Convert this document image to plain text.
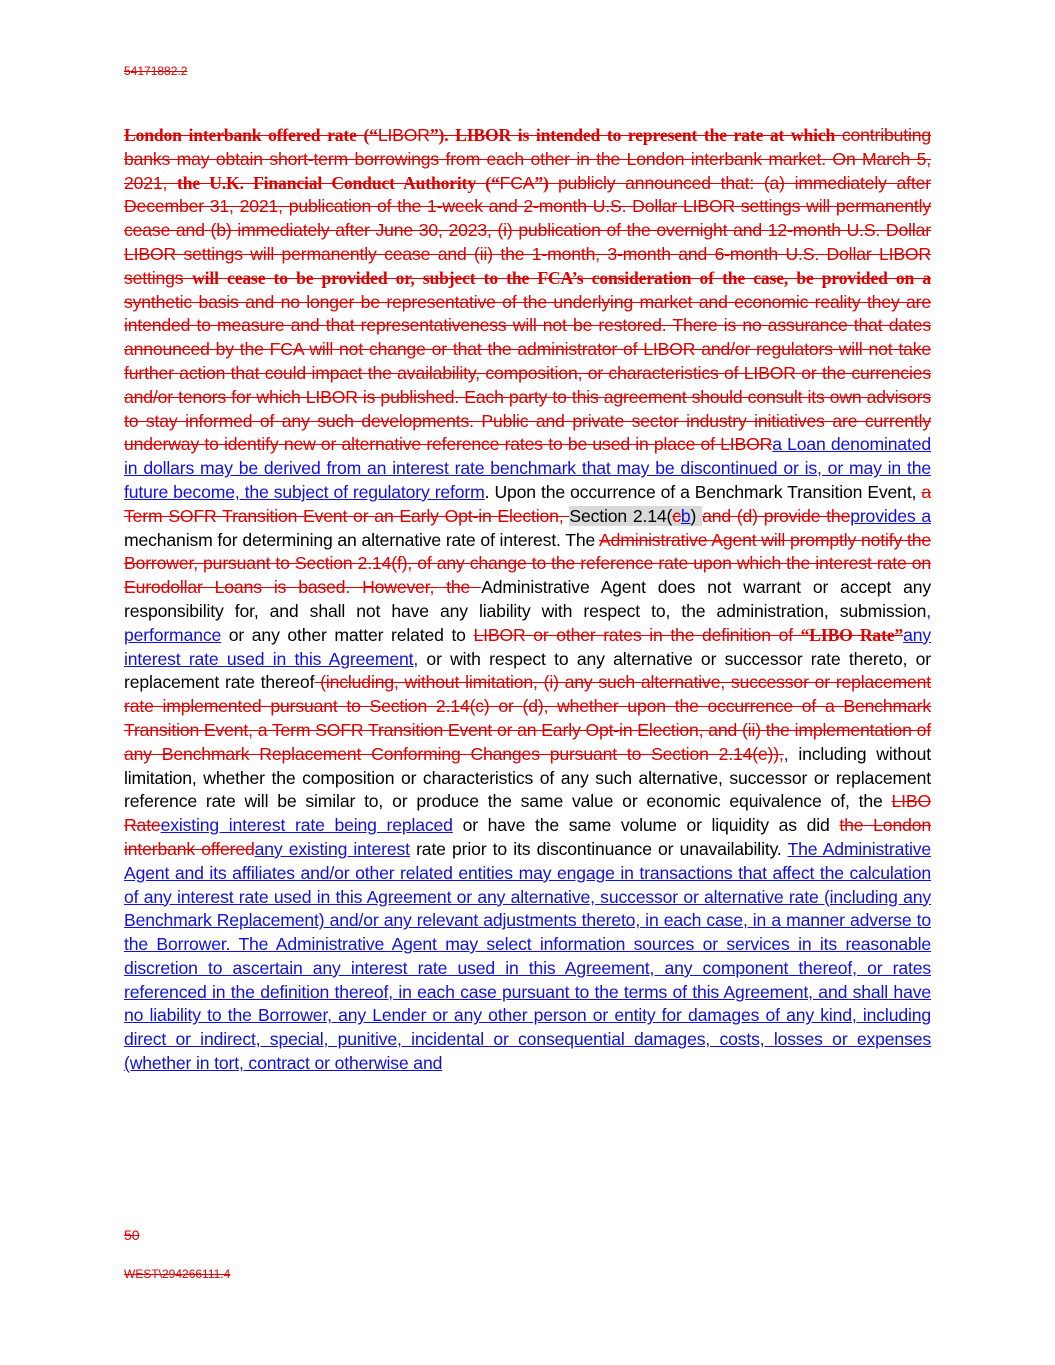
54171882.2
London interbank offered rate (“LIBOR”). LIBOR is intended to represent the rate at which contributing banks may obtain short-term borrowings from each other in the London interbank market. On March 5, 2021, the U.K. Financial Conduct Authority (“FCA”) publicly announced that: (a) immediately after December 31, 2021, publication of the 1-week and 2-month U.S. Dollar LIBOR settings will permanently cease and (b) immediately after June 30, 2023, (i) publication of the overnight and 12-month U.S. Dollar LIBOR settings will permanently cease and (ii) the 1-month, 3-month and 6-month U.S. Dollar LIBOR settings will cease to be provided or, subject to the FCA’s consideration of the case, be provided on a synthetic basis and no longer be representative of the underlying market and economic reality they are intended to measure and that representativeness will not be restored. There is no assurance that dates announced by the FCA will not change or that the administrator of LIBOR and/or regulators will not take further action that could impact the availability, composition, or characteristics of LIBOR or the currencies and/or tenors for which LIBOR is published. Each party to this agreement should consult its own advisors to stay informed of any such developments. Public and private sector industry initiatives are currently underway to identify new or alternative reference rates to be used in place of LIBORa Loan denominated in dollars may be derived from an interest rate benchmark that may be discontinued or is, or may in the future become, the subject of regulatory reform. Upon the occurrence of a Benchmark Transition Event, a Term SOFR Transition Event or an Early Opt-in Election, Section 2.14(cb) and (d) provide theprovides a mechanism for determining an alternative rate of interest. The Administrative Agent will promptly notify the Borrower, pursuant to Section 2.14(f), of any change to the reference rate upon which the interest rate on Eurodollar Loans is based. However, the Administrative Agent does not warrant or accept any responsibility for, and shall not have any liability with respect to, the administration, submission, performance or any other matter related to LIBOR or other rates in the definition of “LIBO Rate”any interest rate used in this Agreement, or with respect to any alternative or successor rate thereto, or replacement rate thereof (including, without limitation, (i) any such alternative, successor or replacement rate implemented pursuant to Section 2.14(c) or (d), whether upon the occurrence of a Benchmark Transition Event, a Term SOFR Transition Event or an Early Opt-in Election, and (ii) the implementation of any Benchmark Replacement Conforming Changes pursuant to Section 2.14(e)),, including without limitation, whether the composition or characteristics of any such alternative, successor or replacement reference rate will be similar to, or produce the same value or economic equivalence of, the LIBO Rateexisting interest rate being replaced or have the same volume or liquidity as did the London interbank offeredany existing interest rate prior to its discontinuance or unavailability. The Administrative Agent and its affiliates and/or other related entities may engage in transactions that affect the calculation of any interest rate used in this Agreement or any alternative, successor or alternative rate (including any Benchmark Replacement) and/or any relevant adjustments thereto, in each case, in a manner adverse to the Borrower. The Administrative Agent may select information sources or services in its reasonable discretion to ascertain any interest rate used in this Agreement, any component thereof, or rates referenced in the definition thereof, in each case pursuant to the terms of this Agreement, and shall have no liability to the Borrower, any Lender or any other person or entity for damages of any kind, including direct or indirect, special, punitive, incidental or consequential damages, costs, losses or expenses (whether in tort, contract or otherwise and
50
WEST\294266111.4
